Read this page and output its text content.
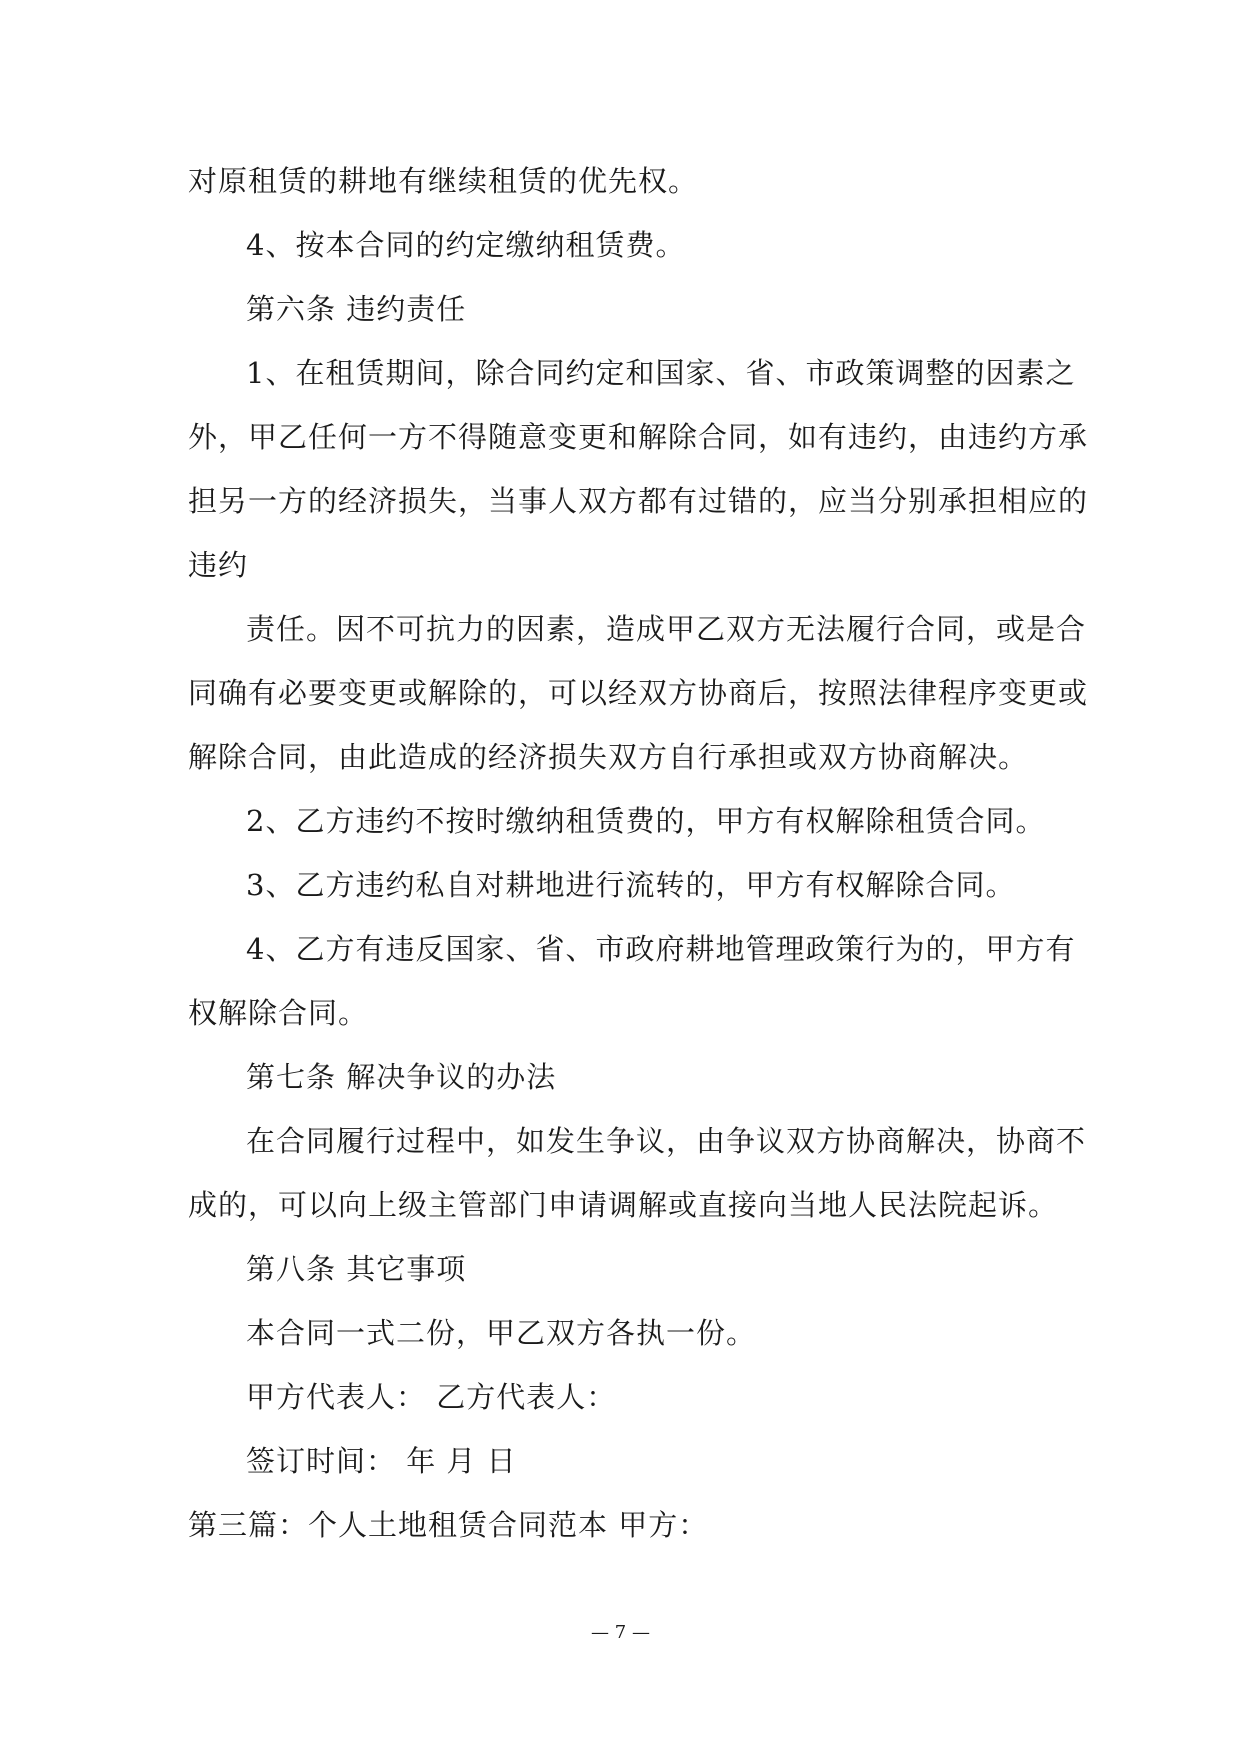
对原租赁的耕地有继续租赁的优先权。
4、按本合同的约定缴纳租赁费。
第六条 违约责任
1、在租赁期间，除合同约定和国家、省、市政策调整的因素之
外，甲乙任何一方不得随意变更和解除合同，如有违约，由违约方承
担另一方的经济损失，当事人双方都有过错的，应当分别承担相应的
违约
责任。因不可抗力的因素，造成甲乙双方无法履行合同，或是合
同确有必要变更或解除的，可以经双方协商后，按照法律程序变更或
解除合同，由此造成的经济损失双方自行承担或双方协商解决。
2、乙方违约不按时缴纳租赁费的，甲方有权解除租赁合同。
3、乙方违约私自对耕地进行流转的，甲方有权解除合同。
4、乙方有违反国家、省、市政府耕地管理政策行为的，甲方有
权解除合同。
第七条 解决争议的办法
在合同履行过程中，如发生争议，由争议双方协商解决，协商不
成的，可以向上级主管部门申请调解或直接向当地人民法院起诉。
第八条 其它事项
本合同一式二份，甲乙双方各执一份。
甲方代表人： 乙方代表人：
签订时间： 年 月 日
第三篇：个人土地租赁合同范本 甲方：
— 7 —
